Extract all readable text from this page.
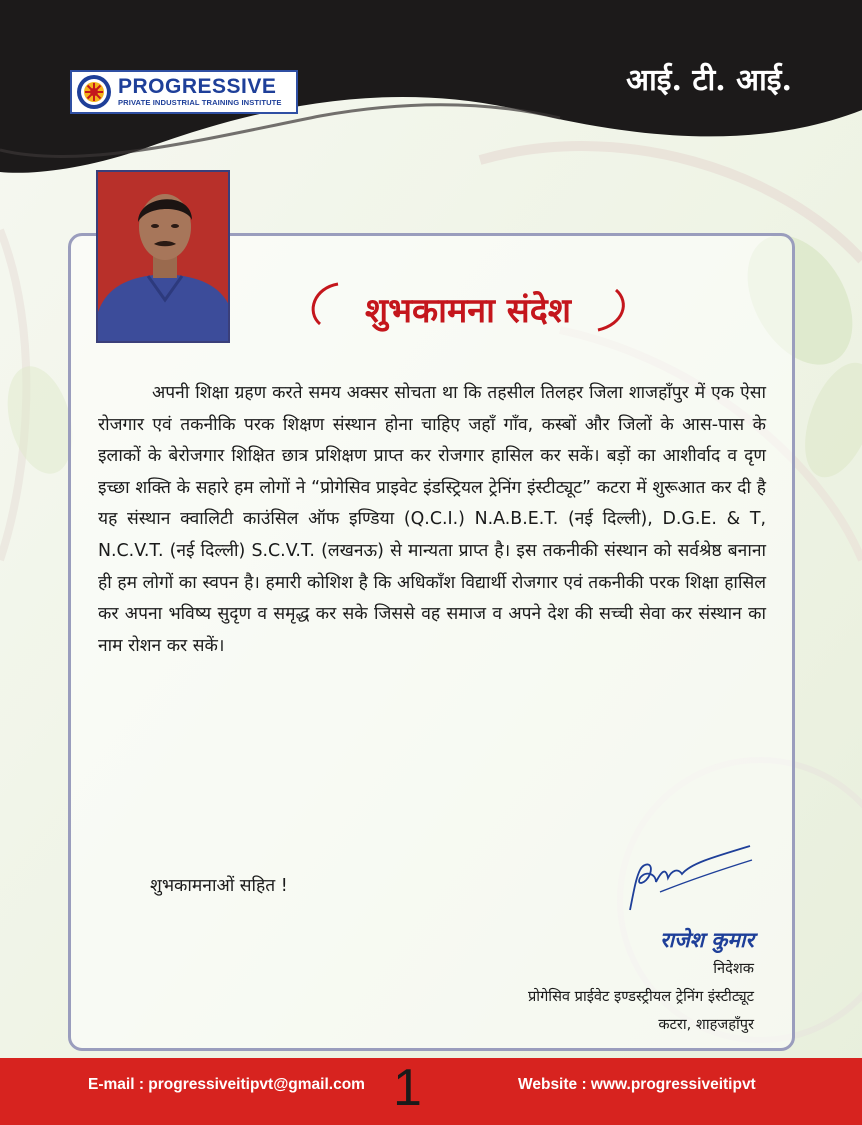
PROGRESSIVE
PRIVATE INDUSTRIAL TRAINING INSTITUTE
आई. टी. आई.
शुभकामना संदेश

अपनी शिक्षा ग्रहण करते समय अक्सर सोचता था कि तहसील तिलहर जिला शाजहाँपुर में एक ऐसा रोजगार एवं तकनीकि परक शिक्षण संस्थान होना चाहिए जहाँ गाँव, कस्बों और जिलों के आस-पास के इलाकों के बेरोजगार शिक्षित छात्र प्रशिक्षण प्राप्त कर रोजगार हासिल कर सकें। बड़ों का आशीर्वाद व दृण इच्छा शक्ति के सहारे हम लोगों ने “प्रोगेसिव प्राइवेट इंडस्ट्रियल ट्रेनिंग इंस्टीट्यूट” कटरा में शुरूआत कर दी है यह संस्थान क्वालिटी काउंसिल ऑफ इण्डिया (Q.C.I.) N.A.B.E.T. (नई दिल्ली), D.G.E. & T, N.C.V.T. (नई दिल्ली) S.C.V.T. (लखनऊ) से मान्यता प्राप्त है। इस तकनीकी संस्थान को सर्वश्रेष्ठ बनाना ही हम लोगों का स्वपन है। हमारी कोशिश है कि अधिकाँश विद्यार्थी रोजगार एवं तकनीकी परक शिक्षा हासिल कर अपना भविष्य सुदृण व समृद्ध कर सके जिससे वह समाज व अपने देश की सच्ची सेवा कर संस्थान का नाम रोशन कर सकें।

शुभकामनाओं सहित !
राजेश कुमार
निदेशक
प्रोगेसिव प्राईवेट इण्डस्ट्रीयल ट्रेनिंग इंस्टीट्यूट
कटरा, शाहजहाँपुर
E-mail : progressiveitipvt@gmail.com 1	Website : www.progressiveitipvt
